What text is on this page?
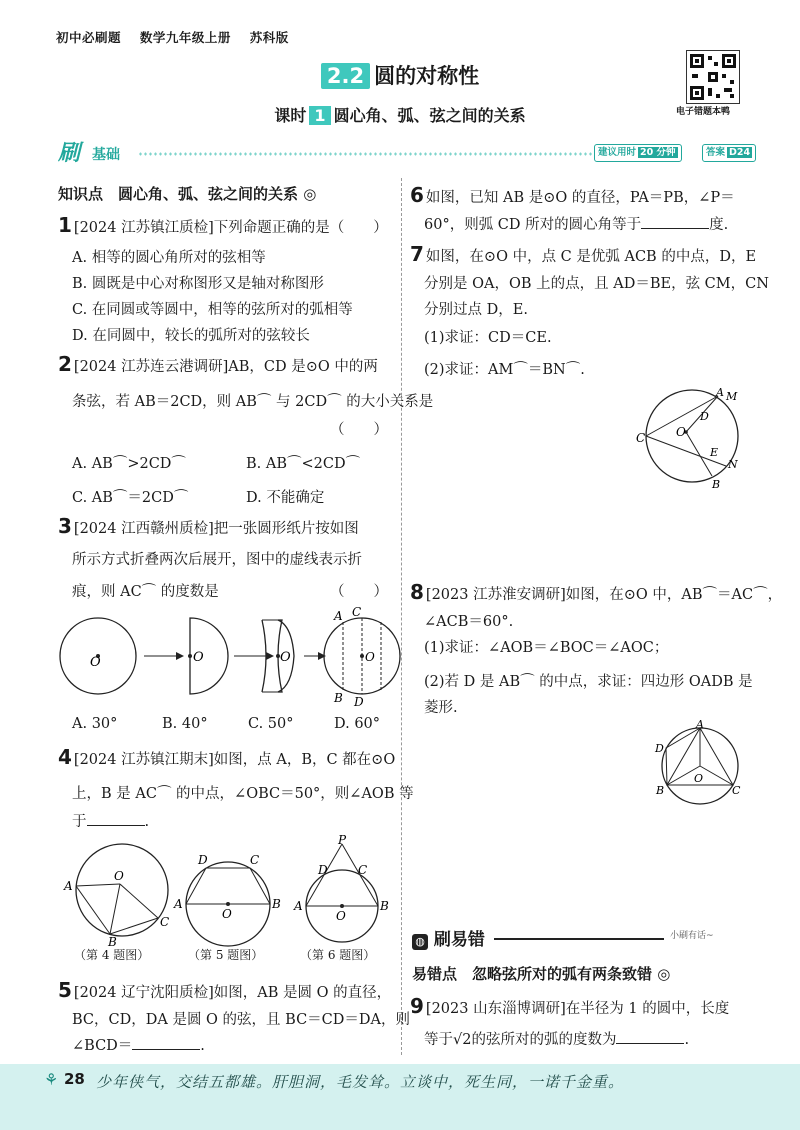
初中必刷题 数学九年级上册 苏科版
2.2 圆的对称性
电子错题本鸭
课时 1 圆心角、弧、弦之间的关系
刷 基础	建议用时 20 分钟	答案 D24
知识点　圆心角、弧、弦之间的关系 ◎
1 [2024 江苏镇江质检]下列命题正确的是（　　）
A. 相等的圆心角所对的弦相等
B. 圆既是中心对称图形又是轴对称图形
C. 在同圆或等圆中，相等的弦所对的弧相等
D. 在同圆中，较长的弧所对的弦较长
2 [2024 江苏连云港调研]AB，CD 是⊙O 中的两
条弦，若 AB＝2CD，则 AB⌒ 与 2CD⌒ 的大小关系是
（　　）
A. AB⌒>2CD⌒	B. AB⌒<2CD⌒
C. AB⌒＝2CD⌒	D. 不能确定
3 [2024 江西赣州质检]把一张圆形纸片按如图
所示方式折叠两次后展开，图中的虚线表示折
痕，则 AC⌒ 的度数是	（　　）
O	O	O	O
A C
B D
A. 30°	B. 40°	C. 50°	D. 60°
4 [2024 江苏镇江期末]如图，点 A，B，C 都在⊙O
上，B 是 AC⌒ 的中点，∠OBC＝50°，则∠AOB 等
于	.
A
O
C
B
A
D	C
B
O
P
D	C
A	B
O
（第 4 题图）	（第 5 题图）	（第 6 题图）
5 [2024 辽宁沈阳质检]如图，AB 是圆 O 的直径，
BC，CD，DA 是圆 O 的弦，且 BC＝CD＝DA，则
∠BCD＝	.
6 如图，已知 AB 是⊙O 的直径，PA＝PB，∠P＝
60°，则弧 CD 所对的圆心角等于	度.
7 如图，在⊙O 中，点 C 是优弧 ACB 的中点，D，E
分别是 OA，OB 上的点，且 AD＝BE，弦 CM，CN
分别过点 D，E.
(1)求证：CD＝CE.
(2)求证：AM⌒＝BN⌒.
C	O
A M
D
E
N
B
8 [2023 江苏淮安调研]如图，在⊙O 中，AB⌒＝AC⌒，
∠ACB＝60°.
(1)求证：∠AOB＝∠BOC＝∠AOC；
(2)若 D 是 AB⌒ 的中点，求证：四边形 OADB 是
菱形.
A
D
O
B	C
◍ 刷易错	小刷有话~
易错点　忽略弦所对的弧有两条致错 ◎
9 [2023 山东淄博调研]在半径为 1 的圆中，长度
等于√2的弦所对的弧的度数为	.
⚘ 28 少年侠气，交结五都雄。肝胆洞，毛发耸。立谈中，死生同，一诺千金重。
